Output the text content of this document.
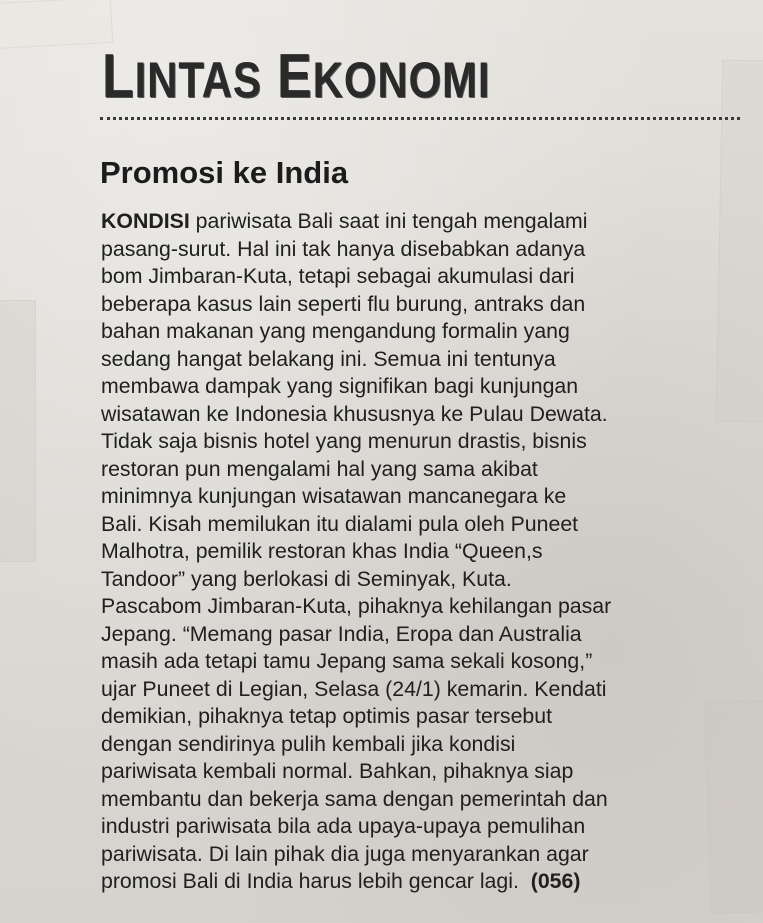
LINTAS EKONOMI
Promosi ke India
KONDISI pariwisata Bali saat ini tengah mengalami
pasang-surut. Hal ini tak hanya disebabkan adanya
bom Jimbaran-Kuta, tetapi sebagai akumulasi dari
beberapa kasus lain seperti flu burung, antraks dan
bahan makanan yang mengandung formalin yang
sedang hangat belakang ini. Semua ini tentunya
membawa dampak yang signifikan bagi kunjungan
wisatawan ke Indonesia khususnya ke Pulau Dewata.
Tidak saja bisnis hotel yang menurun drastis, bisnis
restoran pun mengalami hal yang sama akibat
minimnya kunjungan wisatawan mancanegara ke
Bali. Kisah memilukan itu dialami pula oleh Puneet
Malhotra, pemilik restoran khas India “Queen,s
Tandoor” yang berlokasi di Seminyak, Kuta.
Pascabom Jimbaran-Kuta, pihaknya kehilangan pasar
Jepang. “Memang pasar India, Eropa dan Australia
masih ada tetapi tamu Jepang sama sekali kosong,”
ujar Puneet di Legian, Selasa (24/1) kemarin. Kendati
demikian, pihaknya tetap optimis pasar tersebut
dengan sendirinya pulih kembali jika kondisi
pariwisata kembali normal. Bahkan, pihaknya siap
membantu dan bekerja sama dengan pemerintah dan
industri pariwisata bila ada upaya-upaya pemulihan
pariwisata. Di lain pihak dia juga menyarankan agar
promosi Bali di India harus lebih gencar lagi. (056)
